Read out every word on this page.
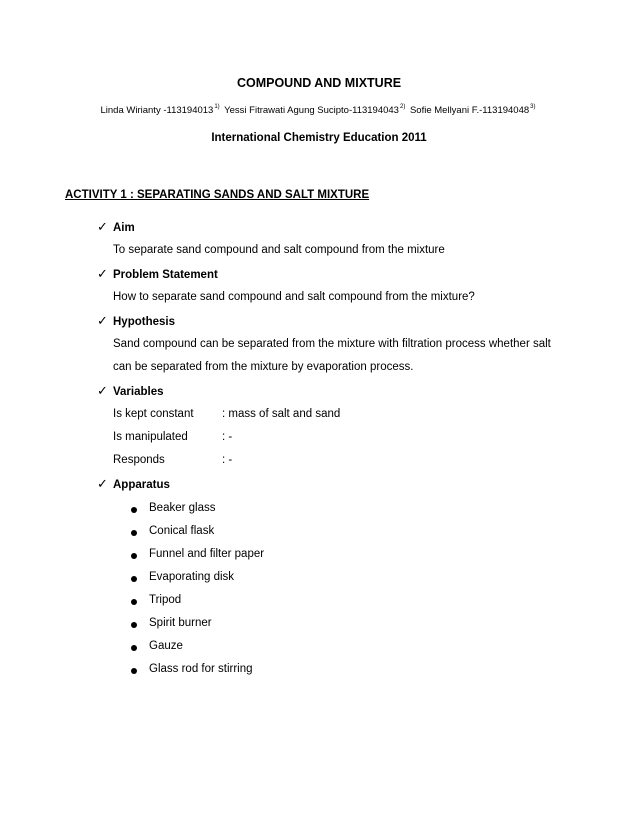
COMPOUND AND MIXTURE
Linda Wirianty -113194013$^{1)}$ Yessi Fitrawati Agung Sucipto-113194043$^{2)}$ Sofie Mellyani F.-113194048$^{3)}$
International Chemistry Education 2011
ACTIVITY 1 : SEPARATING SANDS AND SALT MIXTURE
✓ Aim
To separate sand compound and salt compound from the mixture
✓ Problem Statement
How to separate sand compound and salt compound from the mixture?
✓ Hypothesis
Sand compound can be separated from the mixture with filtration process whether salt
can be separated from the mixture by evaporation process.
✓ Variables
Is kept constant : mass of salt and sand
Is manipulated	: -
Responds	: -
✓ Apparatus
Beaker glass
Conical flask
Funnel and filter paper
Evaporating disk
Tripod
Spirit burner
Gauze
Glass rod for stirring
